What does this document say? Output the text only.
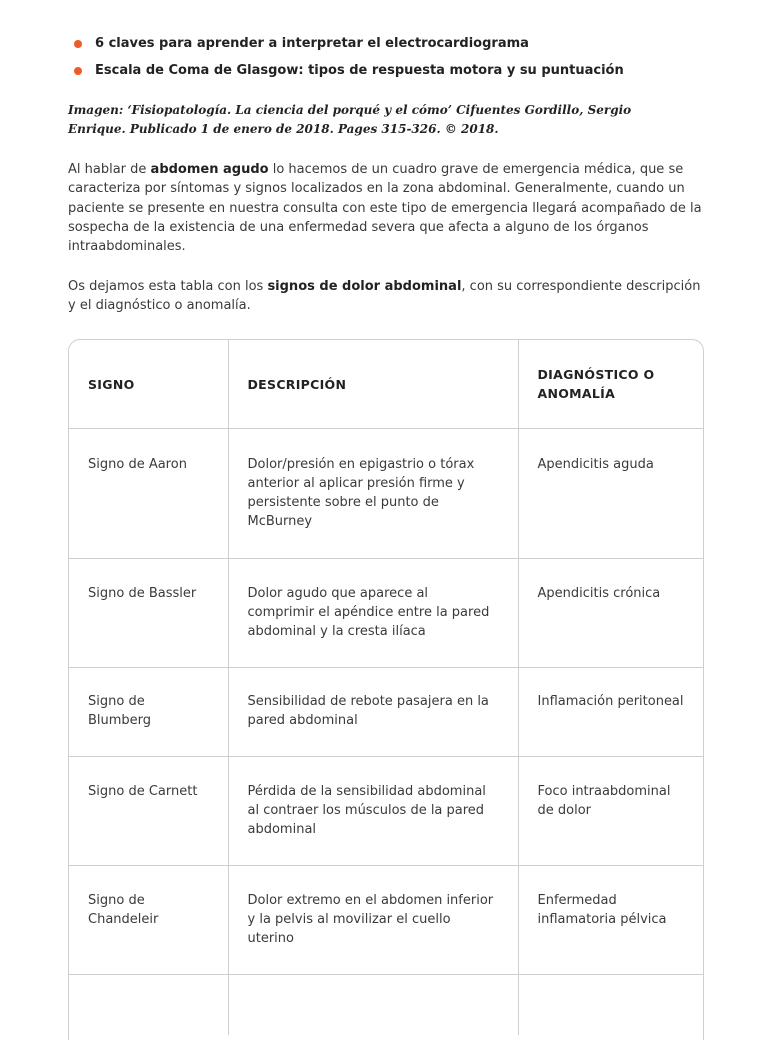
6 claves para aprender a interpretar el electrocardiograma
Escala de Coma de Glasgow: tipos de respuesta motora y su puntuación

Imagen: ‘Fisiopatología. La ciencia del porqué y el cómo’ Cifuentes Gordillo, Sergio Enrique. Publicado 1 de enero de 2018. Pages 315-326. © 2018.

Al hablar de abdomen agudo lo hacemos de un cuadro grave de emergencia médica, que se caracteriza por síntomas y signos localizados en la zona abdominal. Generalmente, cuando un paciente se presente en nuestra consulta con este tipo de emergencia llegará acompañado de la sospecha de la existencia de una enfermedad severa que afecta a alguno de los órganos intraabdominales.

Os dejamos esta tabla con los signos de dolor abdominal, con su correspondiente descripción y el diagnóstico o anomalía.

SIGNO	DESCRIPCIÓN	DIAGNÓSTICO O ANOMALÍA
Signo de Aaron	Dolor/presión en epigastrio o tórax anterior al aplicar presión firme y persistente sobre el punto de McBurney	Apendicitis aguda
Signo de Bassler	Dolor agudo que aparece al comprimir el apéndice entre la pared abdominal y la cresta ilíaca	Apendicitis crónica
Signo de Blumberg	Sensibilidad de rebote pasajera en la pared abdominal	Inflamación peritoneal
Signo de Carnett	Pérdida de la sensibilidad abdominal al contraer los músculos de la pared abdominal	Foco intraabdominal de dolor
Signo de Chandeleir	Dolor extremo en el abdomen inferior y la pelvis al movilizar el cuello uterino	Enfermedad inflamatoria pélvica
